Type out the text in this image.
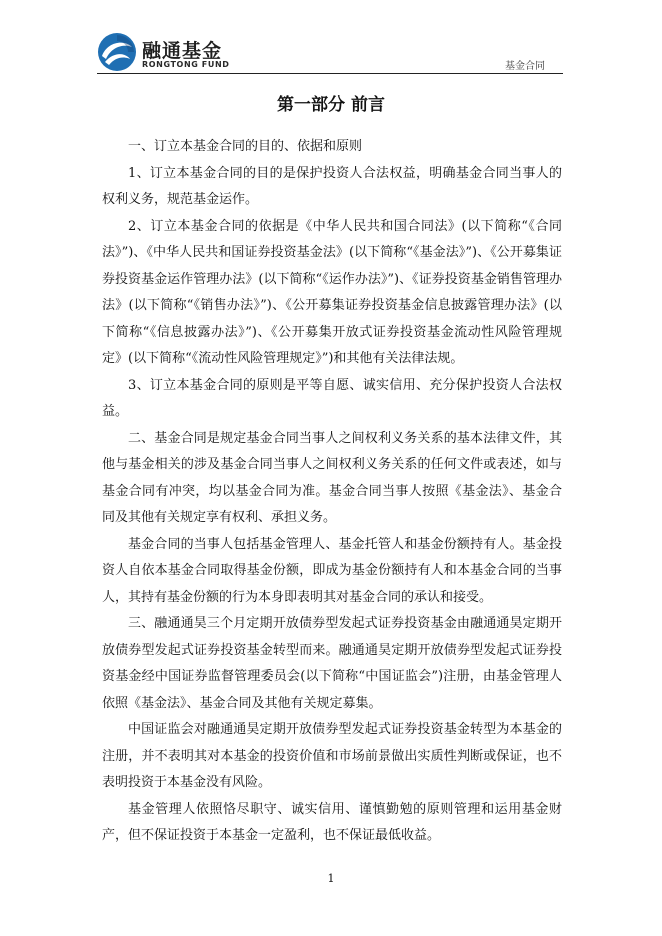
融通基金
RONGTONG FUND	基金合同
第一部分 前言

一、订立本基金合同的目的、依据和原则

1、订立本基金合同的目的是保护投资人合法权益，明确基金合同当事人的权利义务，规范基金运作。

2、订立本基金合同的依据是《中华人民共和国合同法》(以下简称“《合同法》”)、《中华人民共和国证券投资基金法》(以下简称“《基金法》”)、《公开募集证券投资基金运作管理办法》(以下简称“《运作办法》”)、《证券投资基金销售管理办法》(以下简称“《销售办法》”)、《公开募集证券投资基金信息披露管理办法》(以下简称“《信息披露办法》”)、《公开募集开放式证券投资基金流动性风险管理规定》(以下简称“《流动性风险管理规定》”)和其他有关法律法规。

3、订立本基金合同的原则是平等自愿、诚实信用、充分保护投资人合法权益。

二、基金合同是规定基金合同当事人之间权利义务关系的基本法律文件，其他与基金相关的涉及基金合同当事人之间权利义务关系的任何文件或表述，如与基金合同有冲突，均以基金合同为准。基金合同当事人按照《基金法》、基金合同及其他有关规定享有权利、承担义务。

基金合同的当事人包括基金管理人、基金托管人和基金份额持有人。基金投资人自依本基金合同取得基金份额，即成为基金份额持有人和本基金合同的当事人，其持有基金份额的行为本身即表明其对基金合同的承认和接受。

三、融通通昊三个月定期开放债券型发起式证券投资基金由融通通昊定期开放债券型发起式证券投资基金转型而来。融通通昊定期开放债券型发起式证券投资基金经中国证券监督管理委员会(以下简称“中国证监会”)注册，由基金管理人依照《基金法》、基金合同及其他有关规定募集。

中国证监会对融通通昊定期开放债券型发起式证券投资基金转型为本基金的注册，并不表明其对本基金的投资价值和市场前景做出实质性判断或保证，也不表明投资于本基金没有风险。

基金管理人依照恪尽职守、诚实信用、谨慎勤勉的原则管理和运用基金财产，但不保证投资于本基金一定盈利，也不保证最低收益。

1
